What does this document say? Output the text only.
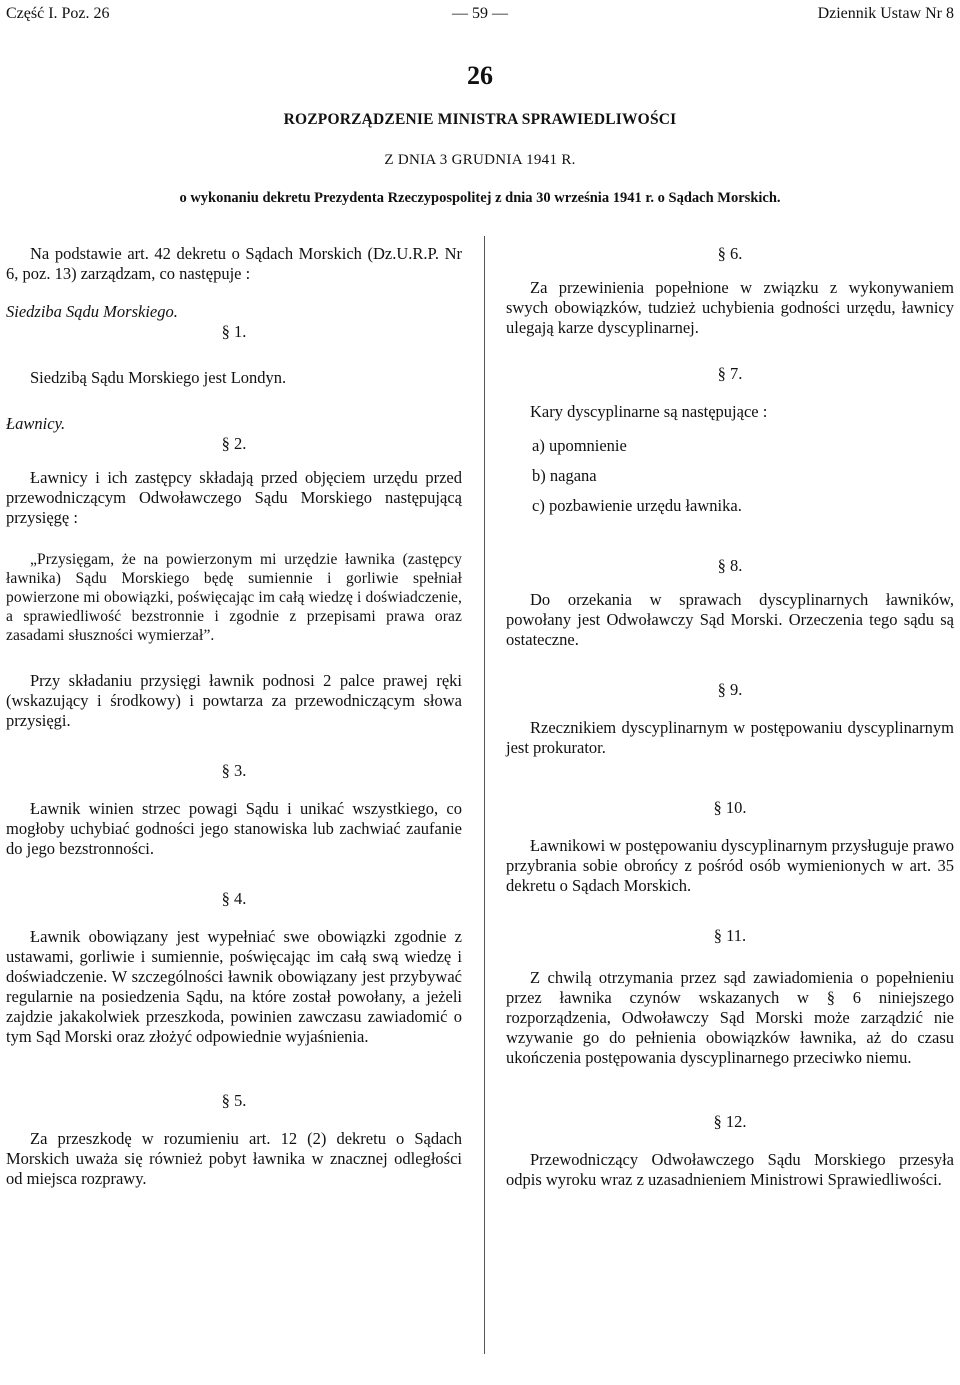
Część I. Poz. 26	— 59 —	Dziennik Ustaw Nr 8
26
ROZPORZĄDZENIE MINISTRA SPRAWIEDLIWOŚCI
Z DNIA 3 GRUDNIA 1941 R.
o wykonaniu dekretu Prezydenta Rzeczypospolitej z dnia 30 września 1941 r. o Sądach Morskich.

Na podstawie art. 42 dekretu o Sądach Morskich (Dz.U.R.P. Nr 6, poz. 13) zarządzam, co następuje :

Siedziba Sądu Morskiego.

§ 1.

Siedzibą Sądu Morskiego jest Londyn.

Ławnicy.

§ 2.

Ławnicy i ich zastępcy składają przed objęciem urzędu przed przewodniczącym Odwoławczego Sądu Morskiego następującą przysięgę :

„Przysięgam, że na powierzonym mi urzędzie ławnika (zastępcy ławnika) Sądu Morskiego będę sumiennie i gorliwie spełniał powierzone mi obowiązki, poświęcając im całą wiedzę i doświadczenie, a sprawiedliwość bezstronnie i zgodnie z przepisami prawa oraz zasadami słuszności wymierzał”.

Przy składaniu przysięgi ławnik podnosi 2 palce prawej ręki (wskazujący i środkowy) i powtarza za przewodniczącym słowa przysięgi.

§ 3.

Ławnik winien strzec powagi Sądu i unikać wszystkiego, co mogłoby uchybiać godności jego stanowiska lub zachwiać zaufanie do jego bezstronności.

§ 4.

Ławnik obowiązany jest wypełniać swe obowiązki zgodnie z ustawami, gorliwie i sumiennie, poświęcając im całą swą wiedzę i doświadczenie. W szczególności ławnik obowiązany jest przybywać regularnie na posiedzenia Sądu, na które został powołany, a jeżeli zajdzie jakakolwiek przeszkoda, powinien zawczasu zawiadomić o tym Sąd Morski oraz złożyć odpowiednie wyjaśnienia.

§ 5.

Za przeszkodę w rozumieniu art. 12 (2) dekretu o Sądach Morskich uważa się również pobyt ławnika w znacznej odległości od miejsca rozprawy.

§ 6.

Za przewinienia popełnione w związku z wykonywaniem swych obowiązków, tudzież uchybienia godności urzędu, ławnicy ulegają karze dyscyplinarnej.

§ 7.

Kary dyscyplinarne są następujące :

a) upomnienie

b) nagana

c) pozbawienie urzędu ławnika.

§ 8.

Do orzekania w sprawach dyscyplinarnych ławników, powołany jest Odwoławczy Sąd Morski. Orzeczenia tego sądu są ostateczne.

§ 9.

Rzecznikiem dyscyplinarnym w postępowaniu dyscyplinarnym jest prokurator.

§ 10.

Ławnikowi w postępowaniu dyscyplinarnym przysługuje prawo przybrania sobie obrońcy z pośród osób wymienionych w art. 35 dekretu o Sądach Morskich.

§ 11.

Z chwilą otrzymania przez sąd zawiadomienia o popełnieniu przez ławnika czynów wskazanych w § 6 niniejszego rozporządzenia, Odwoławczy Sąd Morski może zarządzić nie wzywanie go do pełnienia obowiązków ławnika, aż do czasu ukończenia postępowania dyscyplinarnego przeciwko niemu.

§ 12.

Przewodniczący Odwoławczego Sądu Morskiego przesyła odpis wyroku wraz z uzasadnieniem Ministrowi Sprawiedliwości.
